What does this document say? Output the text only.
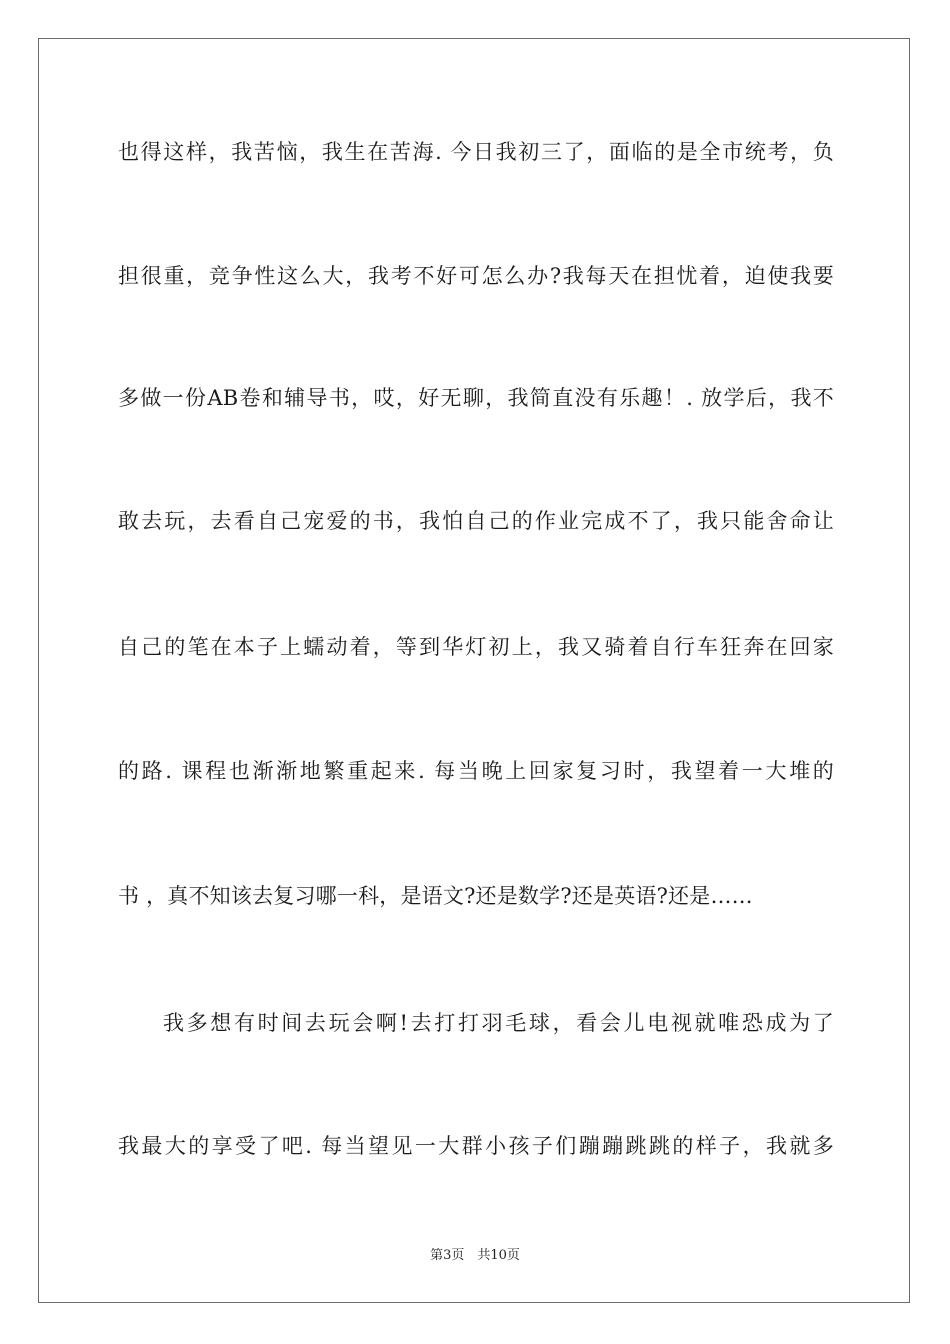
也得这样，我苦恼，我生在苦海. 今日我初三了，面临的是全市统考，负
担很重，竞争性这么大，我考不好可怎么办?我每天在担忧着，迫使我要
多做一份AB卷和辅导书，哎，好无聊，我简直没有乐趣！. 放学后，我不
敢去玩，去看自己宠爱的书，我怕自己的作业完成不了，我只能舍命让
自己的笔在本子上蠕动着，等到华灯初上，我又骑着自行车狂奔在回家
的路. 课程也渐渐地繁重起来. 每当晚上回家复习时，我望着一大堆的
书 ，真不知该去复习哪一科，是语文?还是数学?还是英语?还是……
我多想有时间去玩会啊!去打打羽毛球，看会儿电视就唯恐成为了
我最大的享受了吧. 每当望见一大群小孩子们蹦蹦跳跳的样子，我就多
第3页　共10页
